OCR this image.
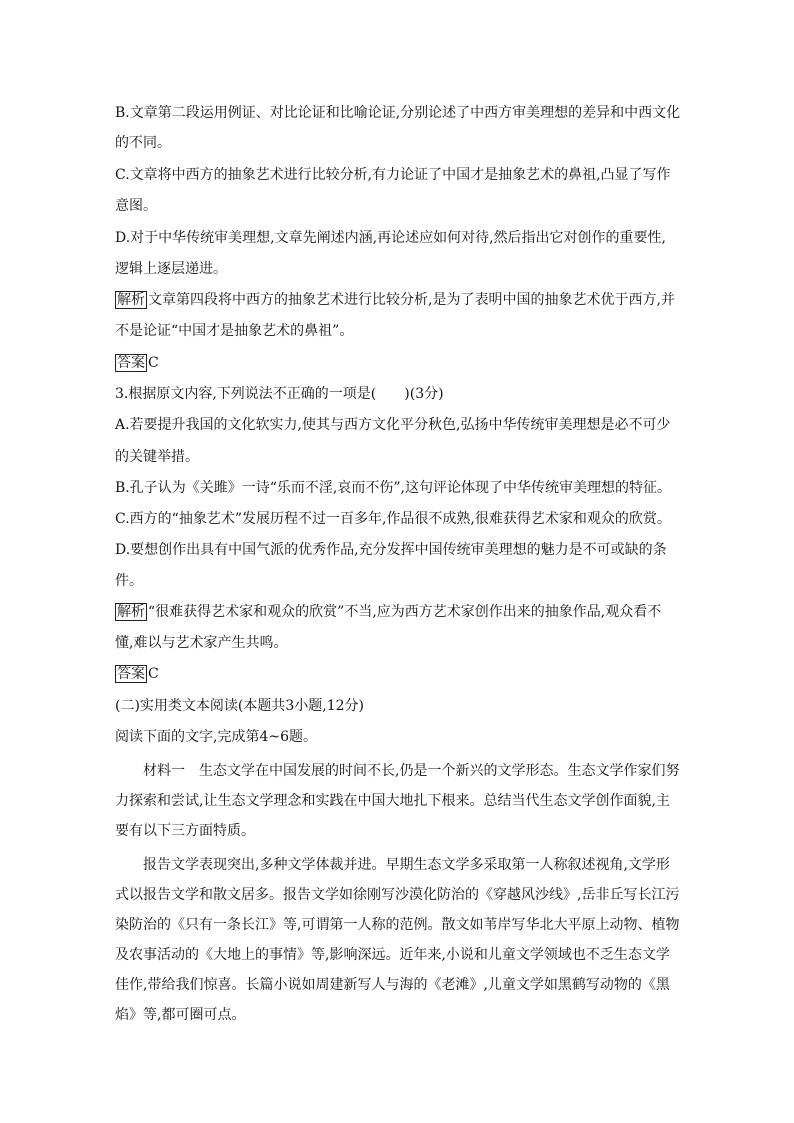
B.文章第二段运用例证、对比论证和比喻论证,分别论述了中西方审美理想的差异和中西文化
的不同。
C.文章将中西方的抽象艺术进行比较分析,有力论证了中国才是抽象艺术的鼻祖,凸显了写作
意图。
D.对于中华传统审美理想,文章先阐述内涵,再论述应如何对待,然后指出它对创作的重要性,
逻辑上逐层递进。
解析 文章第四段将中西方的抽象艺术进行比较分析,是为了表明中国的抽象艺术优于西方,并
不是论证“中国才是抽象艺术的鼻祖”。
答案 C
3.根据原文内容,下列说法不正确的一项是(　　)(3分)
A.若要提升我国的文化软实力,使其与西方文化平分秋色,弘扬中华传统审美理想是必不可少
的关键举措。
B.孔子认为《关雎》一诗“乐而不淫,哀而不伤”,这句评论体现了中华传统审美理想的特征。
C.西方的“抽象艺术”发展历程不过一百多年,作品很不成熟,很难获得艺术家和观众的欣赏。
D.要想创作出具有中国气派的优秀作品,充分发挥中国传统审美理想的魅力是不可或缺的条
件。
解析 “很难获得艺术家和观众的欣赏”不当,应为西方艺术家创作出来的抽象作品,观众看不
懂,难以与艺术家产生共鸣。
答案 C
(二)实用类文本阅读(本题共3小题,12分)
阅读下面的文字,完成第4~6题。
　　材料一　生态文学在中国发展的时间不长,仍是一个新兴的文学形态。生态文学作家们努
力探索和尝试,让生态文学理念和实践在中国大地扎下根来。总结当代生态文学创作面貌,主
要有以下三方面特质。
　　报告文学表现突出,多种文学体裁并进。早期生态文学多采取第一人称叙述视角,文学形
式以报告文学和散文居多。报告文学如徐刚写沙漠化防治的《穿越风沙线》,岳非丘写长江污
染防治的《只有一条长江》等,可谓第一人称的范例。散文如苇岸写华北大平原上动物、植物
及农事活动的《大地上的事情》等,影响深远。近年来,小说和儿童文学领域也不乏生态文学
佳作,带给我们惊喜。长篇小说如周建新写人与海的《老滩》,儿童文学如黑鹤写动物的《黑
焰》等,都可圈可点。
